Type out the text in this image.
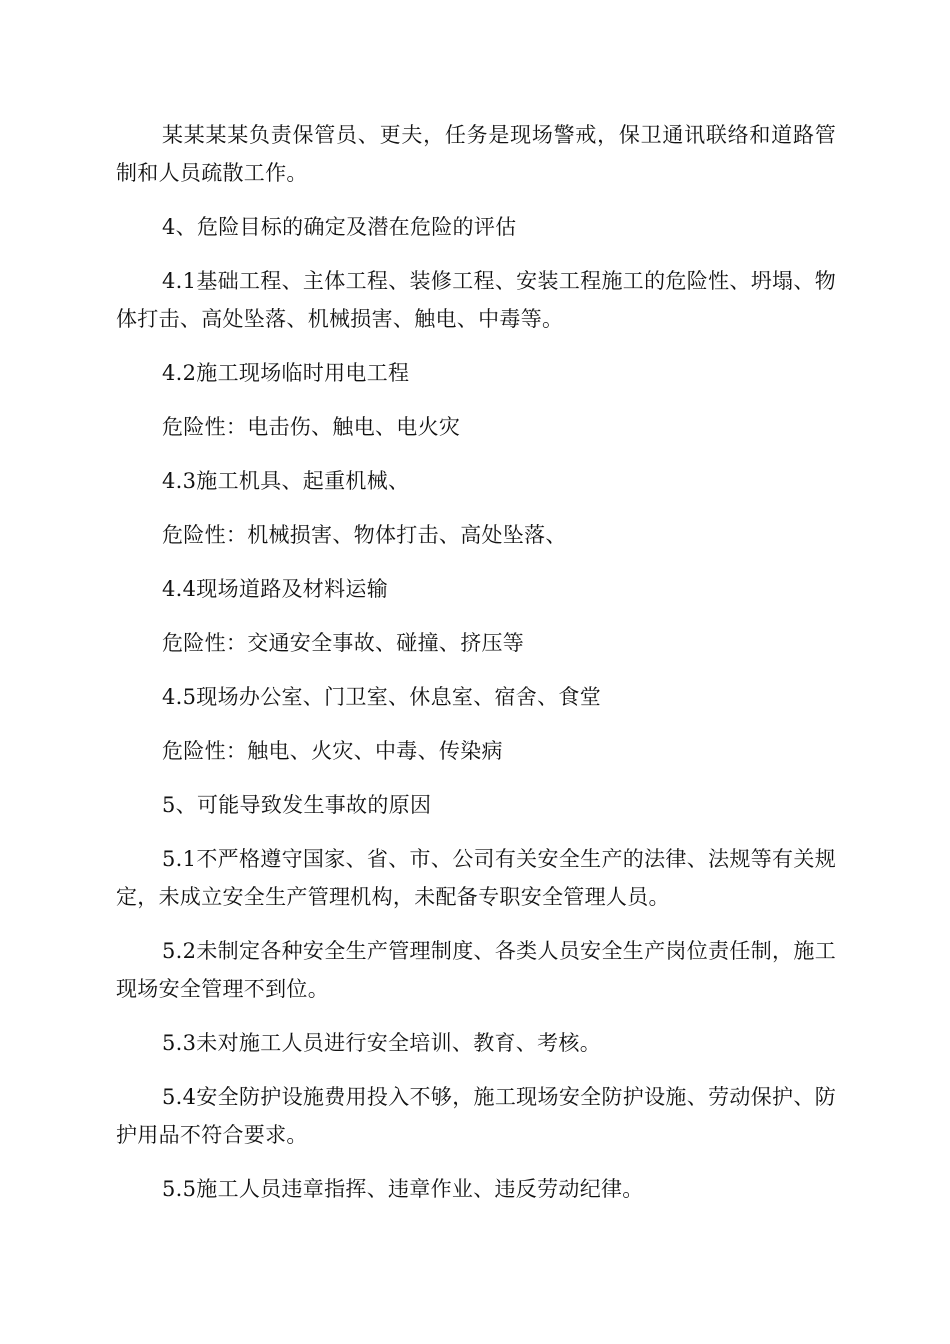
某某某某负责保管员、更夫，任务是现场警戒，保卫通讯联络和道路管制和人员疏散工作。

4、危险目标的确定及潜在危险的评估

4.1基础工程、主体工程、装修工程、安装工程施工的危险性、坍塌、物体打击、高处坠落、机械损害、触电、中毒等。

4.2施工现场临时用电工程

危险性：电击伤、触电、电火灾

4.3施工机具、起重机械、

危险性：机械损害、物体打击、高处坠落、

4.4现场道路及材料运输

危险性：交通安全事故、碰撞、挤压等

4.5现场办公室、门卫室、休息室、宿舍、食堂

危险性：触电、火灾、中毒、传染病

5、可能导致发生事故的原因

5.1不严格遵守国家、省、市、公司有关安全生产的法律、法规等有关规定，未成立安全生产管理机构，未配备专职安全管理人员。

5.2未制定各种安全生产管理制度、各类人员安全生产岗位责任制，施工现场安全管理不到位。

5.3未对施工人员进行安全培训、教育、考核。

5.4安全防护设施费用投入不够，施工现场安全防护设施、劳动保护、防护用品不符合要求。

5.5施工人员违章指挥、违章作业、违反劳动纪律。
